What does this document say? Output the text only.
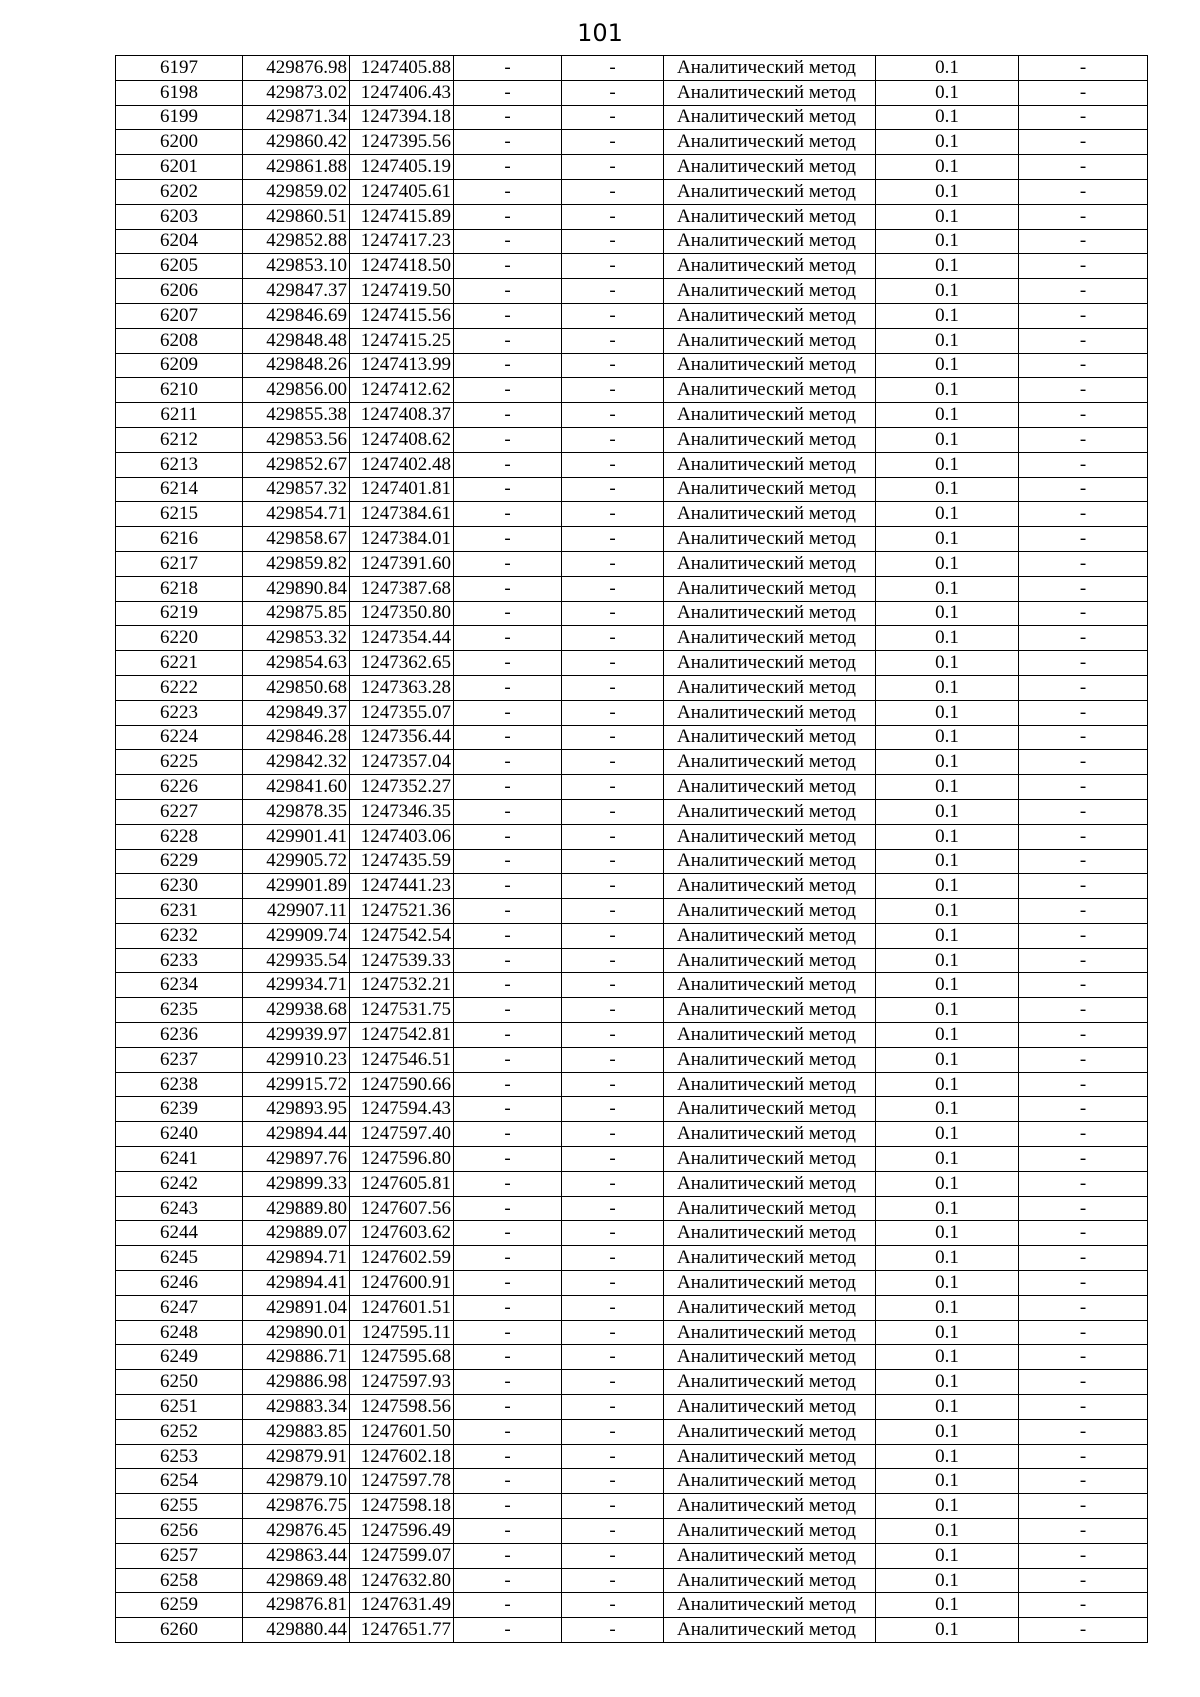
101
6197	429876.98	1247405.88	-	-	Аналитический метод	0.1	-
6198	429873.02	1247406.43	-	-	Аналитический метод	0.1	-
6199	429871.34	1247394.18	-	-	Аналитический метод	0.1	-
6200	429860.42	1247395.56	-	-	Аналитический метод	0.1	-
6201	429861.88	1247405.19	-	-	Аналитический метод	0.1	-
6202	429859.02	1247405.61	-	-	Аналитический метод	0.1	-
6203	429860.51	1247415.89	-	-	Аналитический метод	0.1	-
6204	429852.88	1247417.23	-	-	Аналитический метод	0.1	-
6205	429853.10	1247418.50	-	-	Аналитический метод	0.1	-
6206	429847.37	1247419.50	-	-	Аналитический метод	0.1	-
6207	429846.69	1247415.56	-	-	Аналитический метод	0.1	-
6208	429848.48	1247415.25	-	-	Аналитический метод	0.1	-
6209	429848.26	1247413.99	-	-	Аналитический метод	0.1	-
6210	429856.00	1247412.62	-	-	Аналитический метод	0.1	-
6211	429855.38	1247408.37	-	-	Аналитический метод	0.1	-
6212	429853.56	1247408.62	-	-	Аналитический метод	0.1	-
6213	429852.67	1247402.48	-	-	Аналитический метод	0.1	-
6214	429857.32	1247401.81	-	-	Аналитический метод	0.1	-
6215	429854.71	1247384.61	-	-	Аналитический метод	0.1	-
6216	429858.67	1247384.01	-	-	Аналитический метод	0.1	-
6217	429859.82	1247391.60	-	-	Аналитический метод	0.1	-
6218	429890.84	1247387.68	-	-	Аналитический метод	0.1	-
6219	429875.85	1247350.80	-	-	Аналитический метод	0.1	-
6220	429853.32	1247354.44	-	-	Аналитический метод	0.1	-
6221	429854.63	1247362.65	-	-	Аналитический метод	0.1	-
6222	429850.68	1247363.28	-	-	Аналитический метод	0.1	-
6223	429849.37	1247355.07	-	-	Аналитический метод	0.1	-
6224	429846.28	1247356.44	-	-	Аналитический метод	0.1	-
6225	429842.32	1247357.04	-	-	Аналитический метод	0.1	-
6226	429841.60	1247352.27	-	-	Аналитический метод	0.1	-
6227	429878.35	1247346.35	-	-	Аналитический метод	0.1	-
6228	429901.41	1247403.06	-	-	Аналитический метод	0.1	-
6229	429905.72	1247435.59	-	-	Аналитический метод	0.1	-
6230	429901.89	1247441.23	-	-	Аналитический метод	0.1	-
6231	429907.11	1247521.36	-	-	Аналитический метод	0.1	-
6232	429909.74	1247542.54	-	-	Аналитический метод	0.1	-
6233	429935.54	1247539.33	-	-	Аналитический метод	0.1	-
6234	429934.71	1247532.21	-	-	Аналитический метод	0.1	-
6235	429938.68	1247531.75	-	-	Аналитический метод	0.1	-
6236	429939.97	1247542.81	-	-	Аналитический метод	0.1	-
6237	429910.23	1247546.51	-	-	Аналитический метод	0.1	-
6238	429915.72	1247590.66	-	-	Аналитический метод	0.1	-
6239	429893.95	1247594.43	-	-	Аналитический метод	0.1	-
6240	429894.44	1247597.40	-	-	Аналитический метод	0.1	-
6241	429897.76	1247596.80	-	-	Аналитический метод	0.1	-
6242	429899.33	1247605.81	-	-	Аналитический метод	0.1	-
6243	429889.80	1247607.56	-	-	Аналитический метод	0.1	-
6244	429889.07	1247603.62	-	-	Аналитический метод	0.1	-
6245	429894.71	1247602.59	-	-	Аналитический метод	0.1	-
6246	429894.41	1247600.91	-	-	Аналитический метод	0.1	-
6247	429891.04	1247601.51	-	-	Аналитический метод	0.1	-
6248	429890.01	1247595.11	-	-	Аналитический метод	0.1	-
6249	429886.71	1247595.68	-	-	Аналитический метод	0.1	-
6250	429886.98	1247597.93	-	-	Аналитический метод	0.1	-
6251	429883.34	1247598.56	-	-	Аналитический метод	0.1	-
6252	429883.85	1247601.50	-	-	Аналитический метод	0.1	-
6253	429879.91	1247602.18	-	-	Аналитический метод	0.1	-
6254	429879.10	1247597.78	-	-	Аналитический метод	0.1	-
6255	429876.75	1247598.18	-	-	Аналитический метод	0.1	-
6256	429876.45	1247596.49	-	-	Аналитический метод	0.1	-
6257	429863.44	1247599.07	-	-	Аналитический метод	0.1	-
6258	429869.48	1247632.80	-	-	Аналитический метод	0.1	-
6259	429876.81	1247631.49	-	-	Аналитический метод	0.1	-
6260	429880.44	1247651.77	-	-	Аналитический метод	0.1	-
